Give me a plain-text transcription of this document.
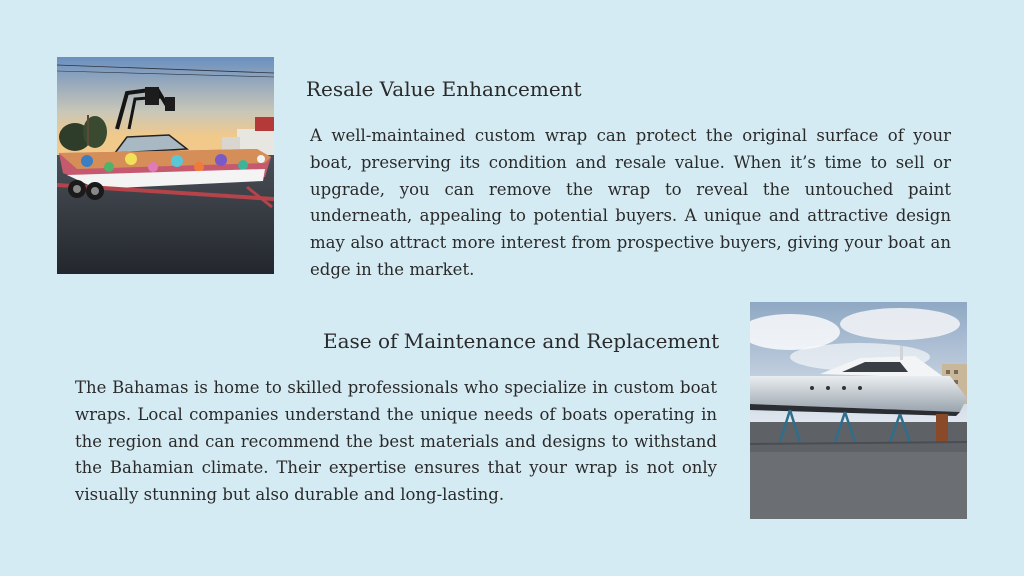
Resale Value Enhancement

A well-maintained custom wrap can protect the original surface of your boat, preserving its condition and resale value. When it’s time to sell or upgrade, you can remove the wrap to reveal the untouched paint underneath, appealing to potential buyers. A unique and attractive design may also attract more interest from prospective buyers, giving your boat an edge in the market.

Ease of Maintenance and Replacement

The Bahamas is home to skilled professionals who specialize in custom boat wraps. Local companies understand the unique needs of boats operating in the region and can recommend the best materials and designs to withstand the Bahamian climate. Their expertise ensures that your wrap is not only visually stunning but also durable and long-lasting.
